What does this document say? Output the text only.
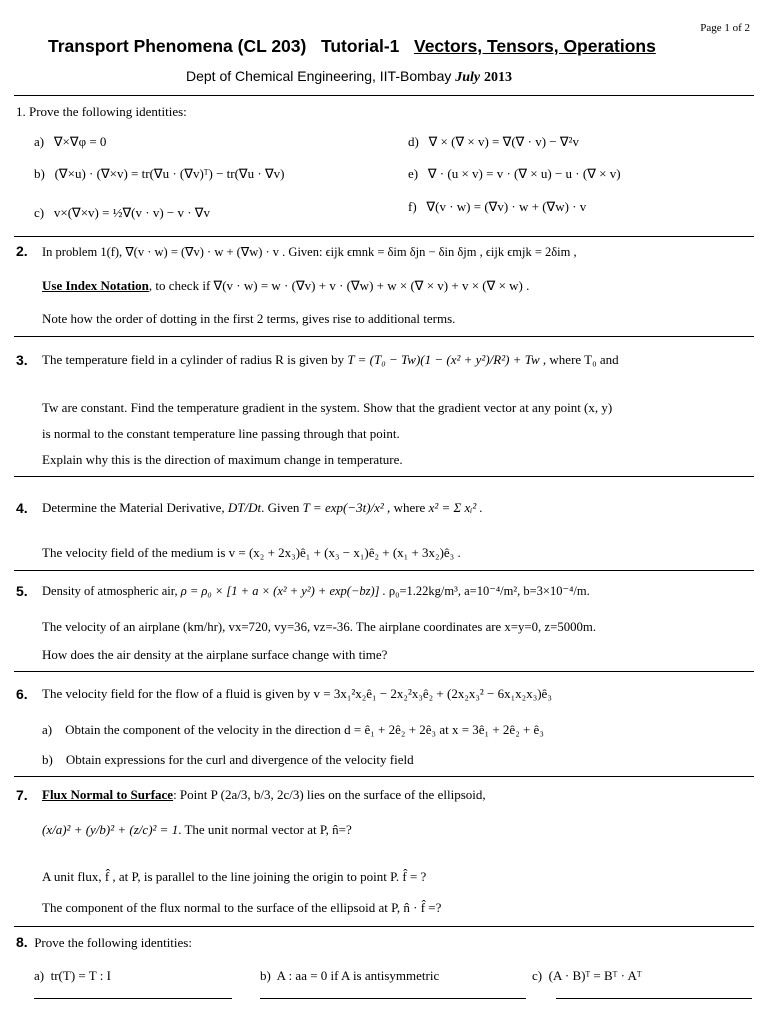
Page 1 of 2
Transport Phenomena (CL 203) Tutorial-1 Vectors, Tensors, Operations
Dept of Chemical Engineering, IIT-Bombay July 2013
1. Prove the following identities:
a) ∇×∇φ = 0
b) (∇×u) · (∇×v) = tr(∇u · (∇v)ᵀ) − tr(∇u · ∇v)
c) v×(∇×v) = ½∇(v · v) − v · ∇v
d) ∇ × (∇ × v) = ∇(∇ · v) − ∇²v
e) ∇ · (u × v) = v · (∇ × u) − u · (∇ × v)
f) ∇(v · w) = (∇v) · w + (∇w) · v
2. In problem 1(f), ∇(v · w) = (∇v) · w + (∇w) · v . Given: ϵijk ϵmnk = δim δjn − δin δjm , ϵijk ϵmjk = 2δim ,
Use Index Notation, to check if ∇(v · w) = w · (∇v) + v · (∇w) + w × (∇ × v) + v × (∇ × w) .
Note how the order of dotting in the first 2 terms, gives rise to additional terms.
3. The temperature field in a cylinder of radius R is given by T = (T₀ − Tw)(1 − (x² + y²)/R²) + Tw , where T₀ and
Tw are constant. Find the temperature gradient in the system. Show that the gradient vector at any point (x, y)
is normal to the constant temperature line passing through that point.
Explain why this is the direction of maximum change in temperature.
4. Determine the Material Derivative, DT/Dt. Given T = exp(−3t)/x² , where x² = Σ xᵢ² .
The velocity field of the medium is v = (x₂ + 2x₃)ê₁ + (x₃ − x₁)ê₂ + (x₁ + 3x₂)ê₃ .
5. Density of atmospheric air, ρ = ρ₀ × [1 + a × (x² + y²) + exp(−bz)] . ρ₀=1.22kg/m³, a=10⁻⁴/m², b=3×10⁻⁴/m.
The velocity of an airplane (km/hr), vx=720, vy=36, vz=-36. The airplane coordinates are x=y=0, z=5000m.
How does the air density at the airplane surface change with time?
6. The velocity field for the flow of a fluid is given by v = 3x₁²x₂ê₁ − 2x₂²x₃ê₂ + (2x₂x₃² − 6x₁x₂x₃)ê₃
a) Obtain the component of the velocity in the direction d = ê₁ + 2ê₂ + 2ê₃ at x = 3ê₁ + 2ê₂ + ê₃
b) Obtain expressions for the curl and divergence of the velocity field
7. Flux Normal to Surface: Point P (2a/3, b/3, 2c/3) lies on the surface of the ellipsoid,
(x/a)² + (y/b)² + (z/c)² = 1. The unit normal vector at P, n̂=?
A unit flux, f̂ , at P, is parallel to the line joining the origin to point P. f̂ = ?
The component of the flux normal to the surface of the ellipsoid at P, n̂ · f̂ =?
8. Prove the following identities:
a) tr(T) = T : I	b) A : aa = 0 if A is antisymmetric	c) (A · B)ᵀ = Bᵀ · Aᵀ
